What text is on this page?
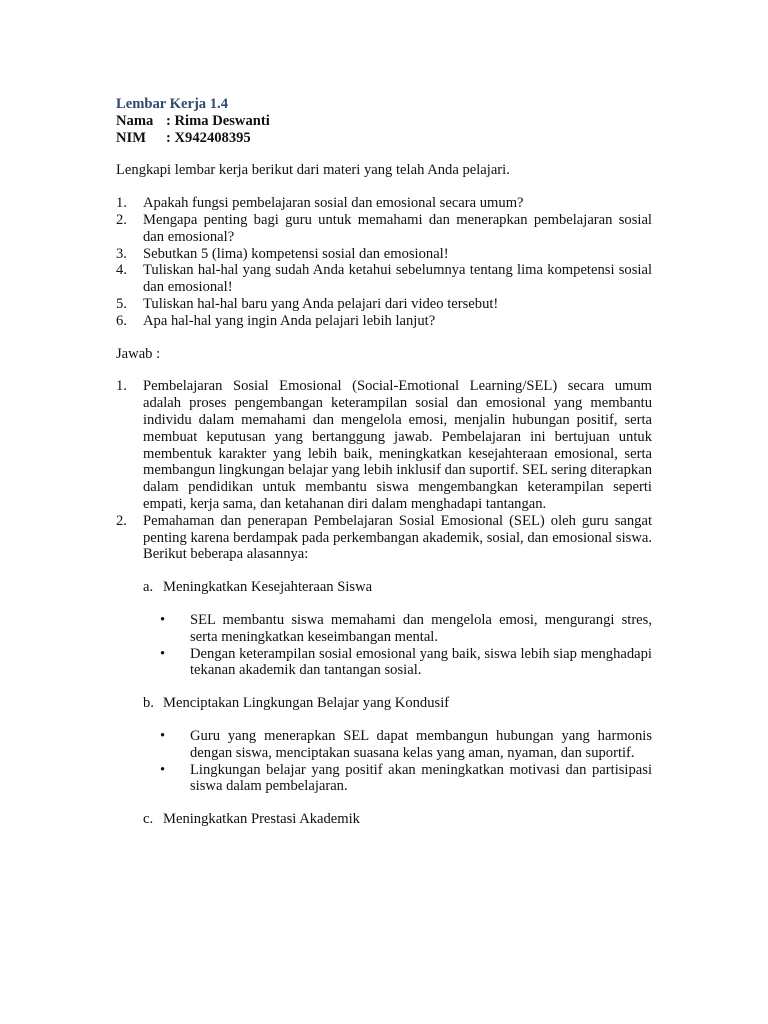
Lembar Kerja 1.4
Nama : Rima Deswanti
NIM	: X942408395
Lengkapi lembar kerja berikut dari materi yang telah Anda pelajari.
1.	Apakah fungsi pembelajaran sosial dan emosional secara umum?
2.	Mengapa penting bagi guru untuk memahami dan menerapkan pembelajaran sosial dan emosional?
3.	Sebutkan 5 (lima) kompetensi sosial dan emosional!
4.	Tuliskan hal-hal yang sudah Anda ketahui sebelumnya tentang lima kompetensi sosial dan emosional!
5.	Tuliskan hal-hal baru yang Anda pelajari dari video tersebut!
6.	Apa hal-hal yang ingin Anda pelajari lebih lanjut?
Jawab :
1.	Pembelajaran Sosial Emosional (Social-Emotional Learning/SEL) secara umum adalah proses pengembangan keterampilan sosial dan emosional yang membantu individu dalam memahami dan mengelola emosi, menjalin hubungan positif, serta membuat keputusan yang bertanggung jawab. Pembelajaran ini bertujuan untuk membentuk karakter yang lebih baik, meningkatkan kesejahteraan emosional, serta membangun lingkungan belajar yang lebih inklusif dan suportif. SEL sering diterapkan dalam pendidikan untuk membantu siswa mengembangkan keterampilan seperti empati, kerja sama, dan ketahanan diri dalam menghadapi tantangan.
2.	Pemahaman dan penerapan Pembelajaran Sosial Emosional (SEL) oleh guru sangat penting karena berdampak pada perkembangan akademik, sosial, dan emosional siswa. Berikut beberapa alasannya:
a. Meningkatkan Kesejahteraan Siswa
•	SEL membantu siswa memahami dan mengelola emosi, mengurangi stres, serta meningkatkan keseimbangan mental.
•	Dengan keterampilan sosial emosional yang baik, siswa lebih siap menghadapi tekanan akademik dan tantangan sosial.
b. Menciptakan Lingkungan Belajar yang Kondusif
•	Guru yang menerapkan SEL dapat membangun hubungan yang harmonis dengan siswa, menciptakan suasana kelas yang aman, nyaman, dan suportif.
•	Lingkungan belajar yang positif akan meningkatkan motivasi dan partisipasi siswa dalam pembelajaran.
c. Meningkatkan Prestasi Akademik
